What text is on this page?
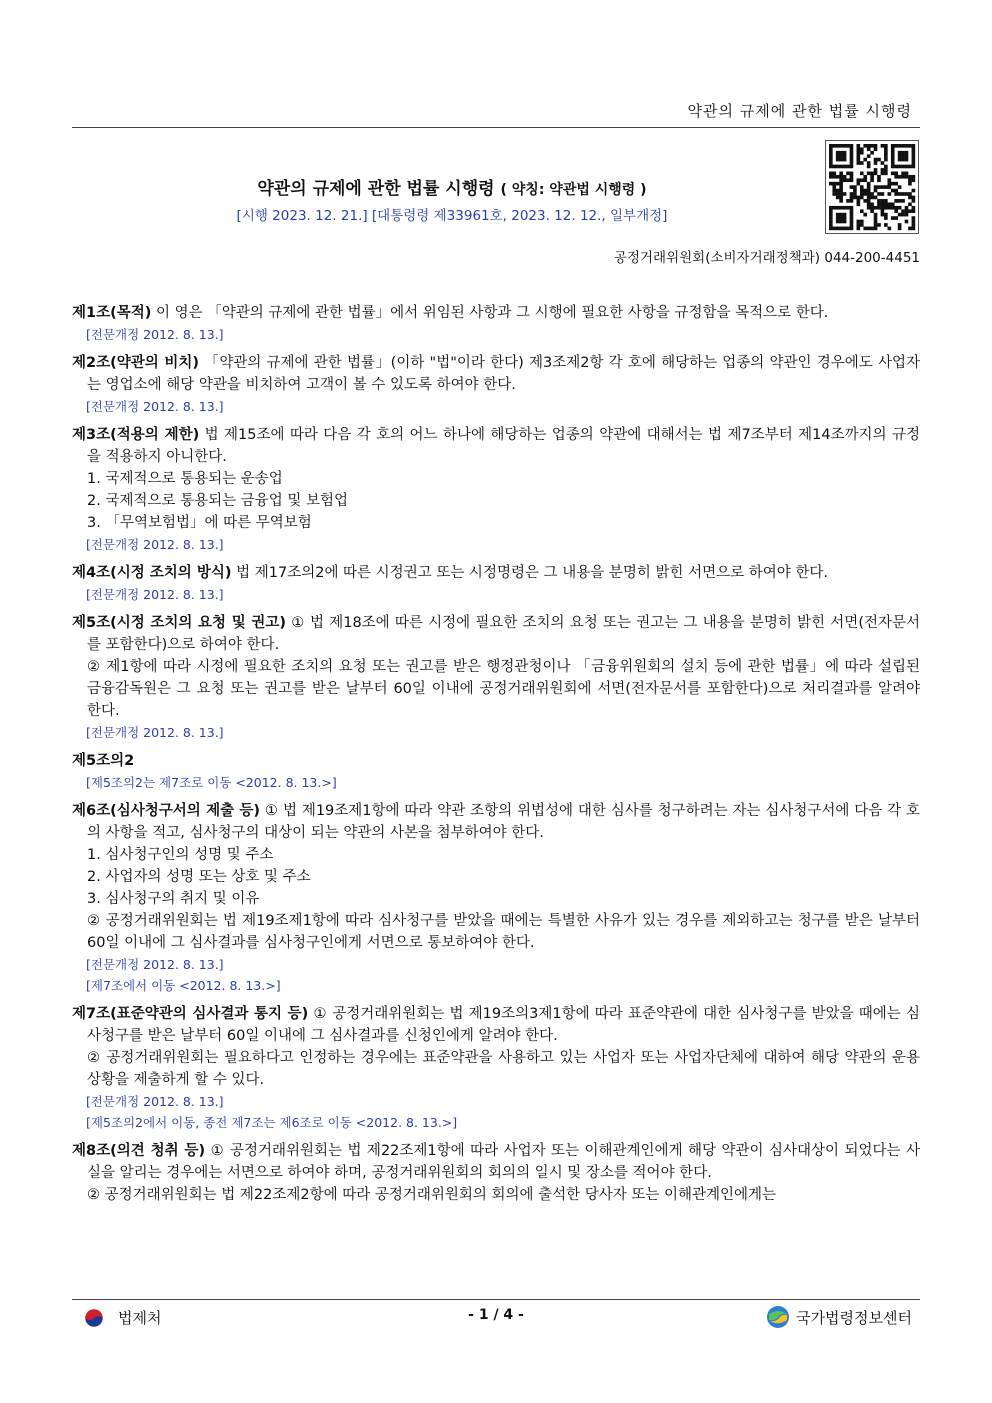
약관의 규제에 관한 법률 시행령
약관의 규제에 관한 법률 시행령 ( 약칭: 약관법 시행령 )
[시행 2023. 12. 21.] [대통령령 제33961호, 2023. 12. 12., 일부개정]
공정거래위원회(소비자거래정책과) 044-200-4451
제1조(목적) 이 영은 「약관의 규제에 관한 법률」에서 위임된 사항과 그 시행에 필요한 사항을 규정함을 목적으로 한다.
[전문개정 2012. 8. 13.]
제2조(약관의 비치) 「약관의 규제에 관한 법률」(이하 "법"이라 한다) 제3조제2항 각 호에 해당하는 업종의 약관인 경우에도 사업자는 영업소에 해당 약관을 비치하여 고객이 볼 수 있도록 하여야 한다.
[전문개정 2012. 8. 13.]
제3조(적용의 제한) 법 제15조에 따라 다음 각 호의 어느 하나에 해당하는 업종의 약관에 대해서는 법 제7조부터 제14조까지의 규정을 적용하지 아니한다.
1. 국제적으로 통용되는 운송업
2. 국제적으로 통용되는 금융업 및 보험업
3. 「무역보험법」에 따른 무역보험
[전문개정 2012. 8. 13.]
제4조(시정 조치의 방식) 법 제17조의2에 따른 시정권고 또는 시정명령은 그 내용을 분명히 밝힌 서면으로 하여야 한다.
[전문개정 2012. 8. 13.]
제5조(시정 조치의 요청 및 권고) ① 법 제18조에 따른 시정에 필요한 조치의 요청 또는 권고는 그 내용을 분명히 밝힌 서면(전자문서를 포함한다)으로 하여야 한다.
② 제1항에 따라 시정에 필요한 조치의 요청 또는 권고를 받은 행정관청이나 「금융위원회의 설치 등에 관한 법률」에 따라 설립된 금융감독원은 그 요청 또는 권고를 받은 날부터 60일 이내에 공정거래위원회에 서면(전자문서를 포함한다)으로 처리결과를 알려야 한다.
[전문개정 2012. 8. 13.]
제5조의2
[제5조의2는 제7조로 이동 <2012. 8. 13.>]
제6조(심사청구서의 제출 등) ① 법 제19조제1항에 따라 약관 조항의 위법성에 대한 심사를 청구하려는 자는 심사청구서에 다음 각 호의 사항을 적고, 심사청구의 대상이 되는 약관의 사본을 첨부하여야 한다.
1. 심사청구인의 성명 및 주소
2. 사업자의 성명 또는 상호 및 주소
3. 심사청구의 취지 및 이유
② 공정거래위원회는 법 제19조제1항에 따라 심사청구를 받았을 때에는 특별한 사유가 있는 경우를 제외하고는 청구를 받은 날부터 60일 이내에 그 심사결과를 심사청구인에게 서면으로 통보하여야 한다.
[전문개정 2012. 8. 13.]
[제7조에서 이동 <2012. 8. 13.>]
제7조(표준약관의 심사결과 통지 등) ① 공정거래위원회는 법 제19조의3제1항에 따라 표준약관에 대한 심사청구를 받았을 때에는 심사청구를 받은 날부터 60일 이내에 그 심사결과를 신청인에게 알려야 한다.
② 공정거래위원회는 필요하다고 인정하는 경우에는 표준약관을 사용하고 있는 사업자 또는 사업자단체에 대하여 해당 약관의 운용 상황을 제출하게 할 수 있다.
[전문개정 2012. 8. 13.]
[제5조의2에서 이동, 종전 제7조는 제6조로 이동 <2012. 8. 13.>]
제8조(의견 청취 등) ① 공정거래위원회는 법 제22조제1항에 따라 사업자 또는 이해관계인에게 해당 약관이 심사대상이 되었다는 사실을 알리는 경우에는 서면으로 하여야 하며, 공정거래위원회의 회의의 일시 및 장소를 적어야 한다.
② 공정거래위원회는 법 제22조제2항에 따라 공정거래위원회의 회의에 출석한 당사자 또는 이해관계인에게는
법제처	- 1 / 4 -	국가법령정보센터
